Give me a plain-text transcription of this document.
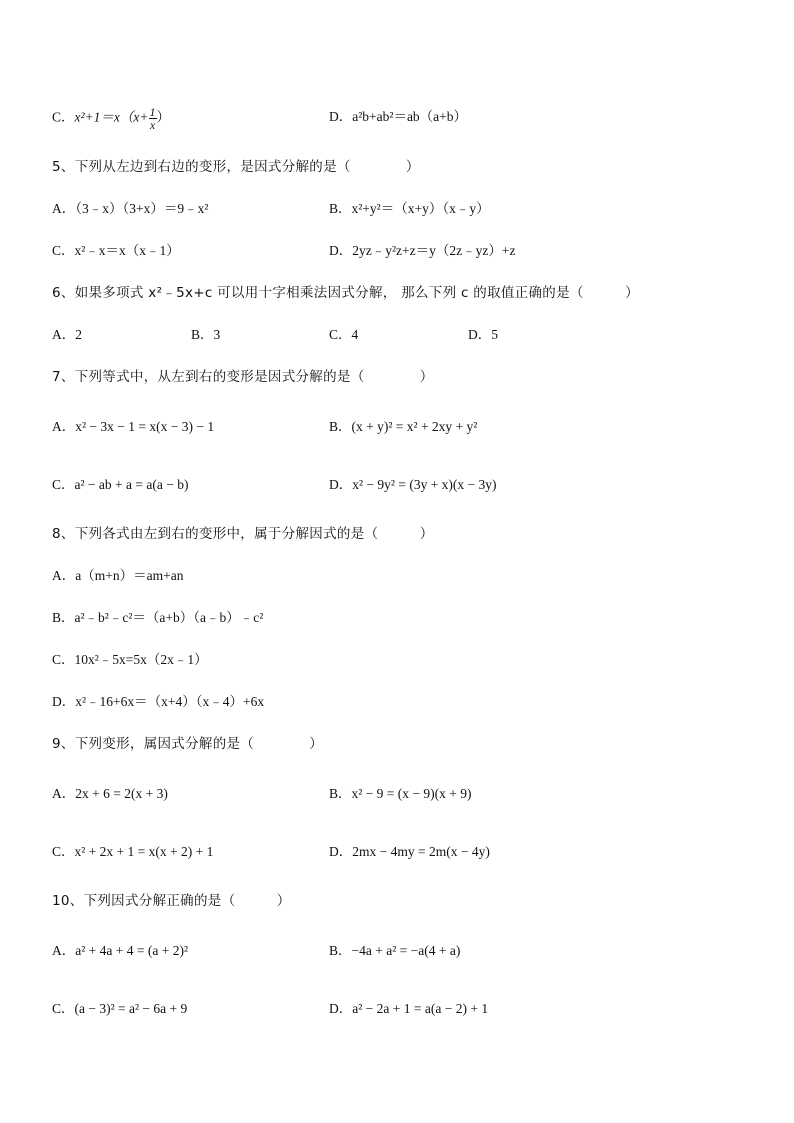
C．$x^2+1=x(x+ \frac{1}{x}$ ）	D．a²b+ab²＝ab（a+b）
5、下列从左边到右边的变形，是因式分解的是（　　　　）
A．（3﹣x）（3+x）＝9﹣x²	B．x²+y²＝（x+y）（x﹣y）
C．x²﹣x＝x（x﹣1）	D．2yz﹣y²z+z＝y（2z﹣yz）+z
6、如果多项式 x²﹣5x+c 可以用十字相乘法因式分解， 那么下列 c 的取值正确的是（　　　）
A．2	B．3	C．4	D．5
7、下列等式中，从左到右的变形是因式分解的是（　　　　）
A．x² − 3x − 1 = x(x − 3) − 1	B．(x + y)² = x² + 2xy + y²
C．a² − ab + a = a(a − b)	D．x² − 9y² = (3y + x)(x − 3y)
8、下列各式由左到右的变形中，属于分解因式的是（　　　）
A．a（m+n）＝am+an
B．a²﹣b²﹣c²＝（a+b）（a﹣b）﹣c²
C．10x²﹣5x=5x（2x﹣1）
D．x²﹣16+6x＝（x+4）（x﹣4）+6x
9、下列变形，属因式分解的是（　　　　）
A．2x + 6 = 2(x + 3)	B．x² − 9 = (x − 9)(x + 9)
C．x² + 2x + 1 = x(x + 2) + 1	D．2mx − 4my = 2m(x − 4y)
10、下列因式分解正确的是（　　　）
A．a² + 4a + 4 = (a + 2)²	B．−4a + a² = −a(4 + a)
C．(a − 3)² = a² − 6a + 9	D．a² − 2a + 1 = a(a − 2) + 1
